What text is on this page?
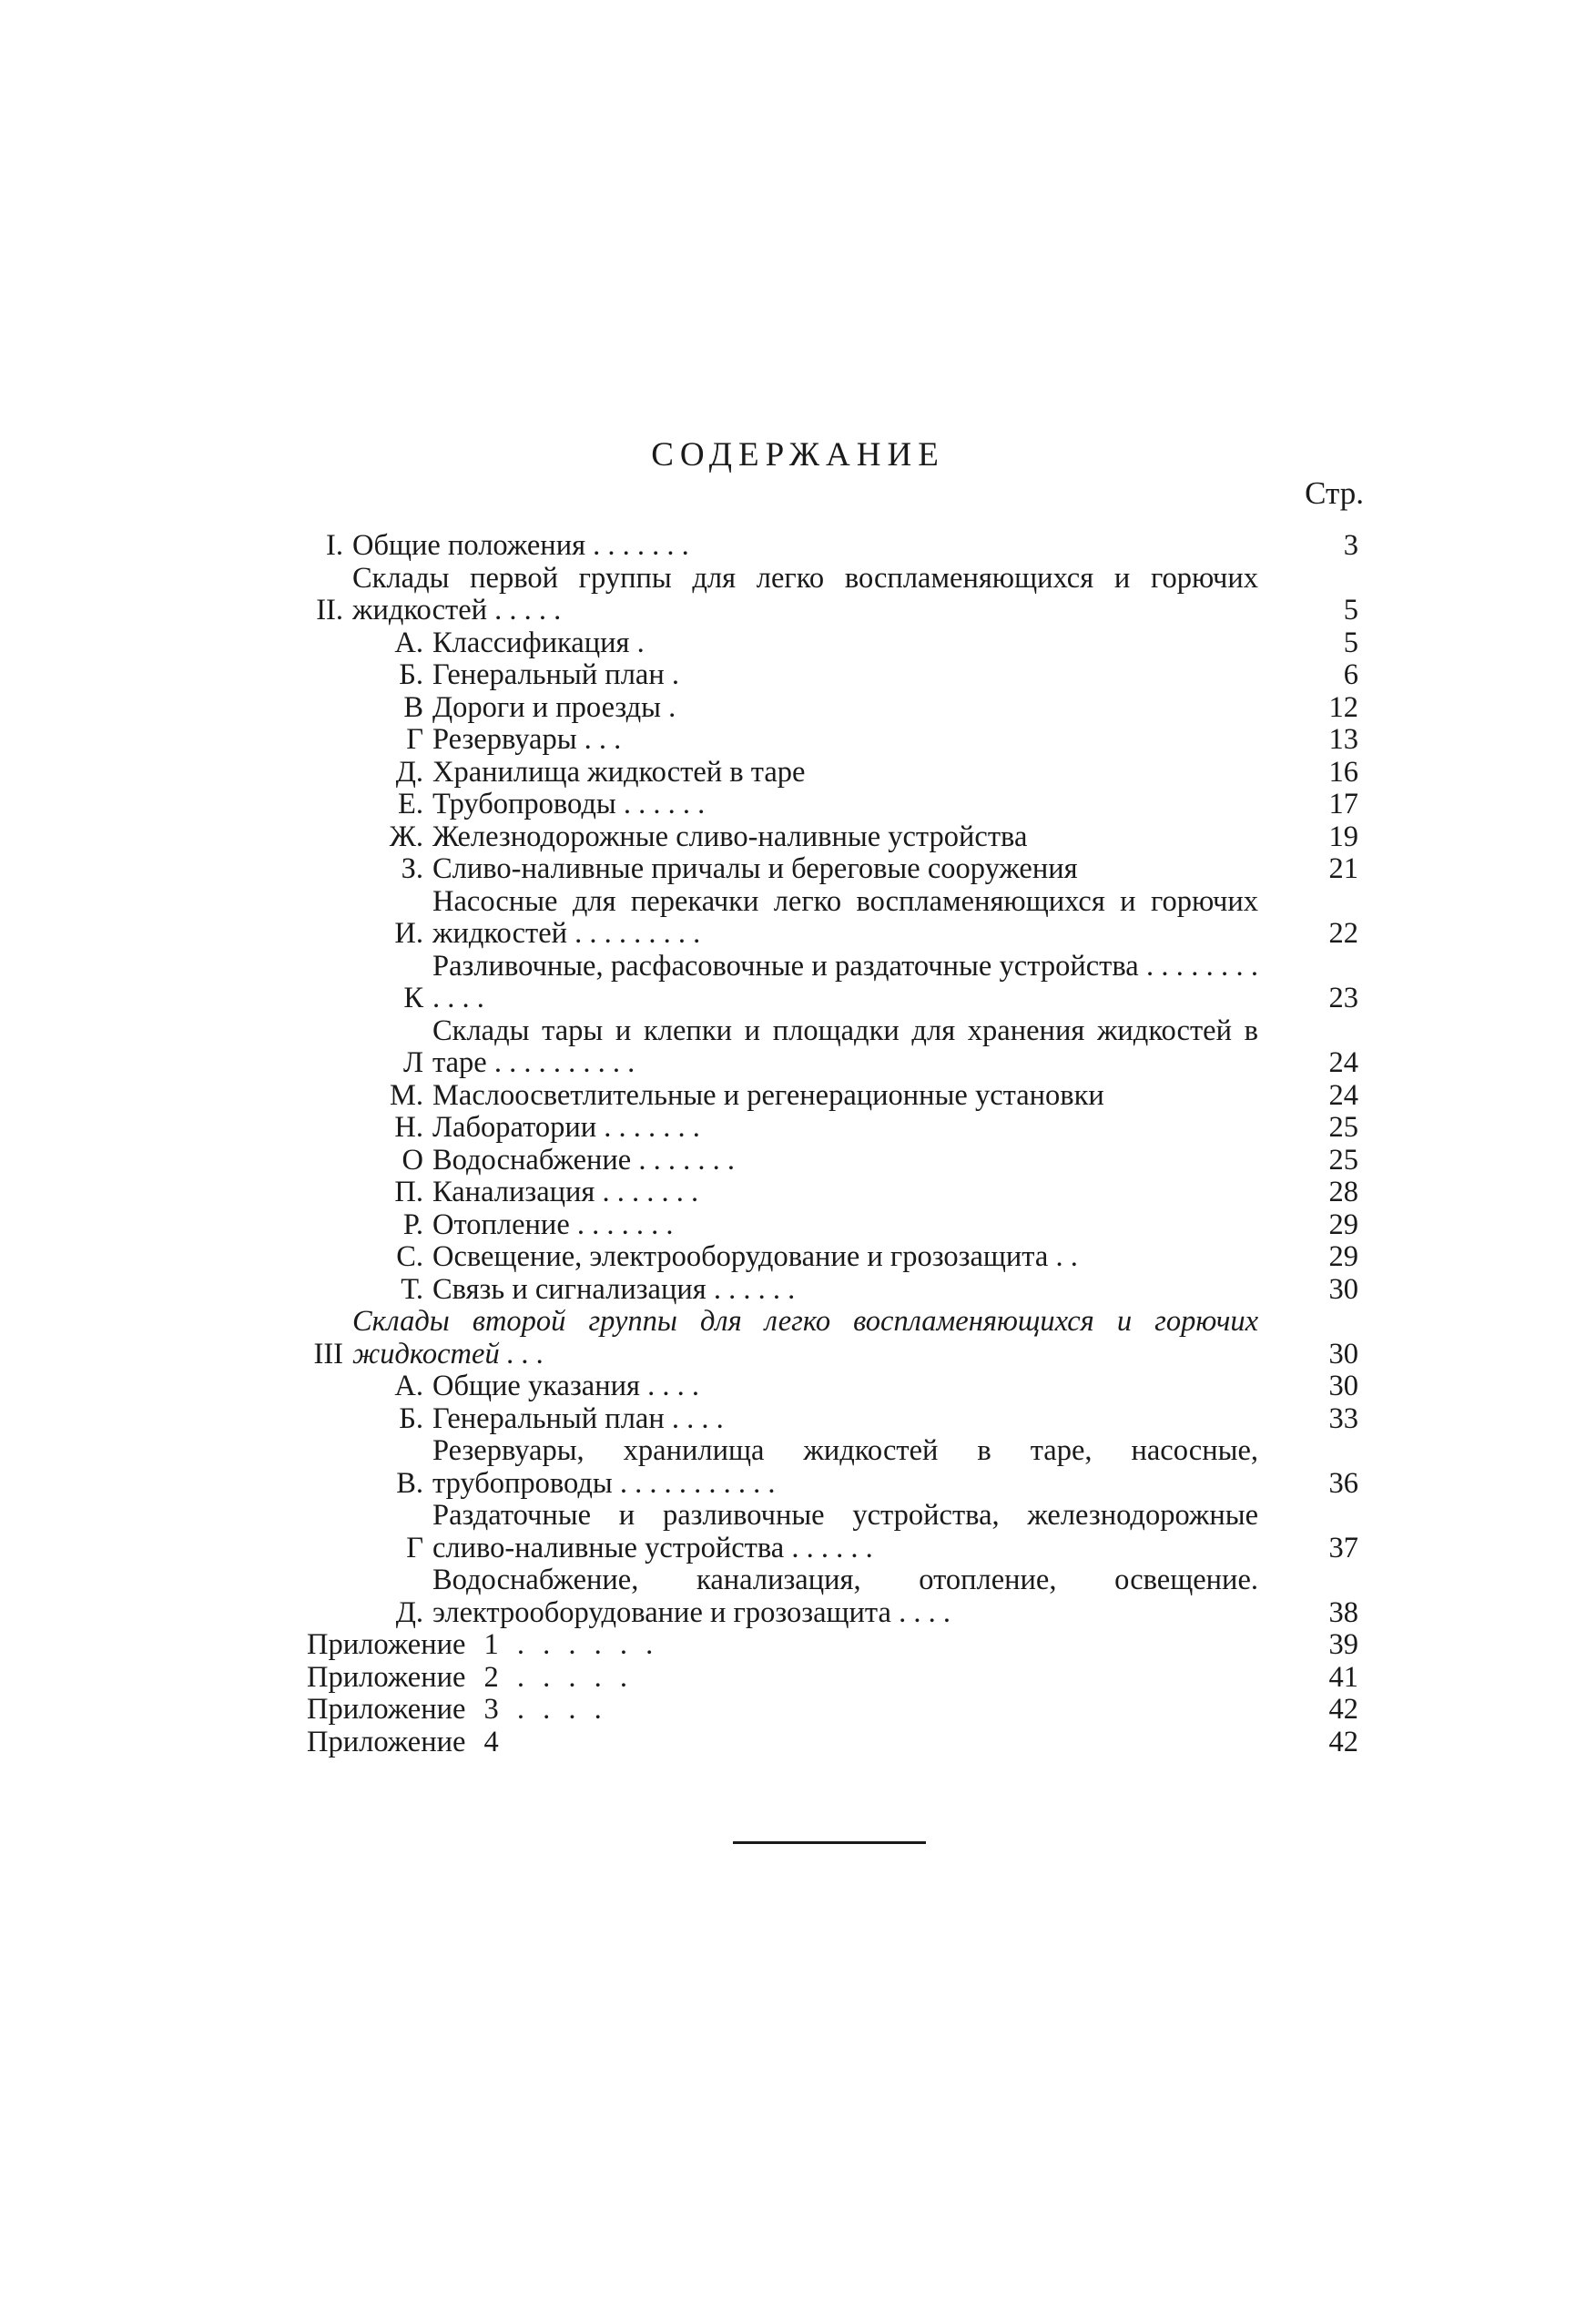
СОДЕРЖАНИЕ
Стр.
I. Общие положения . . . . . . .	3
II.
Склады первой группы для легко воспламеняющихся и горючих жидкостей . . . . .	5
А. Классификация .	5
Б. Генеральный план .	6
В Дороги и проезды .	12
Г Резервуары . . .	13
Д. Хранилища жидкостей в таре	16
Е. Трубопроводы . . . . . .	17
Ж. Железнодорожные сливо-наливные устройства	19
З. Сливо-наливные причалы и береговые сооружения	21
И.
Насосные для перекачки легко воспламеняющихся и горючих жидкостей . . . . . . . . .	22
К
Разливочные, расфасовочные и раздаточные устройства . . . . . . . . . . . .	23
Л
Склады тары и клепки и площадки для хранения жидкостей в таре . . . . . . . . . .	24
М. Маслоосветлительные и регенерационные установки	24
Н. Лаборатории . . . . . . .	25
О Водоснабжение . . . . . . .	25
П. Канализация . . . . . . .	28
Р. Отопление . . . . . . .	29
С. Освещение, электрооборудование и грозозащита . .	29
Т. Связь и сигнализация . . . . . .	30
III
Склады второй группы для легко воспламеняющихся и горючих жидкостей . . .	30
А. Общие указания . . . .	30
Б. Генеральный план . . . .	33
В.
Резервуары, хранилища жидкостей в таре, насосные, трубопроводы . . . . . . . . . . .	36
Г
Раздаточные и разливочные устройства, железнодорожные сливо-наливные устройства . . . . . .	37
Д.
Водоснабжение, канализация, отопление, освещение. электрооборудование и грозозащита . . . .	38
Приложение 1 . . . . . .	39
Приложение 2 . . . . .	41
Приложение 3 . . . .	42
Приложение 4	42
